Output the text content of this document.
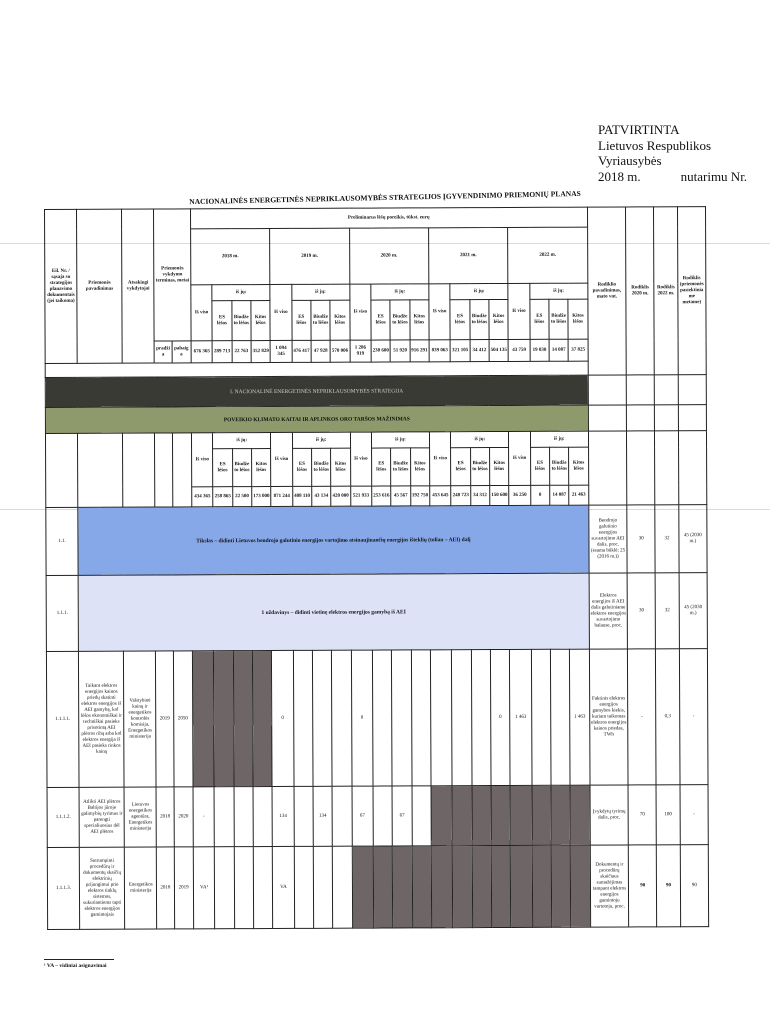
PATVIRTINTA
Lietuvos Respublikos
Vyriausybės
2018 m.	nutarimu Nr.
NACIONALINĖS ENERGETINĖS NEPRIKLAUSOMYBĖS STRATEGIJOS ĮGYVENDINIMO PRIEMONIŲ PLANAS
Eil. Nr. / sąsaja su strategijos planavimo dokumentais (jei taikoma)	Priemonės pavadinimas	Atsakingi vykdytojai	Priemonės vykdymo terminas, metai		Preliminarus lėšų poreikis, tūkst. eurų																				Rodiklio pavadinimas, mato vnt.	Rodiklis 2020 m.	Rodiklis 2022 m.	Rodiklis (priemonės pasiektiniame metame)
					2018 m.				2019 m.				2020 m.				2021 m.				2022 m.							
					Iš viso	iš jų:			Iš viso	iš jų:			Iš viso	iš jų:			Iš viso	iš jų:			Iš viso	iš jų:						
						ES lėšos	Biudžeto lėšos	Kitos lėšos		ES lėšos	Biudžeto lėšos	Kitos lėšos		ES lėšos	Biudžeto lėšos	Kitos lėšos		ES lėšos	Biudžeto lėšos	Kitos lėšos		ES lėšos	Biudžeto lėšos	Kitos lėšos				
			pradžia	pabaiga	676 365	289 713	22 763	352 829	1 094 345	476 417	47 928	570 006	1 286 919	238 600	51 920	916 291	839 063	321 105	34 412	504 135	43 759	19 030	14 087	37 825				

I. NACIONALINĖ ENERGETINĖS NEPRIKLAUSOMYBĖS STRATEGIJA																												
POVEIKIO KLIMATO KAITAI IR APLINKOS ORO TARŠOS MAŽINIMAS																												
					Iš viso	iš jų:			Iš viso	iš jų:			Iš viso	iš jų:			Iš viso	iš jų:			Iš viso	iš jų:						
						ES lėšos	Biudžeto lėšos	Kitos lėšos		ES lėšos	Biudžeto lėšos	Kitos lėšos		ES lėšos	Biudžeto lėšos	Kitos lėšos		ES lėšos	Biudžeto lėšos	Kitos lėšos		ES lėšos	Biudžeto lėšos	Kitos lėšos				
					434 365	258 865	22 500	173 000	871 244	408 110	43 134	420 000	521 933	253 616	45 567	192 750	453 645	248 723	34 312	150 600	36 250	0	14 087	21 463				
1.1.	Tikslas – didinti Lietuvos bendrojo galutinio energijos vartojimo atsinaujinančių energijos išteklių (toliau – AEI) dalį																								Bendrojo galutinio energijos suvartojimo AEI dalis, proc. (esama būklė: 25 (2016 m.))	30	32	45 (2030 m.)
1.1.1.	1 uždavinys – didinti vietinę elektros energijos gamybą iš AEI																								Elektros energijos iš AEI dalis galutiniame elektros energijos suvartojimo balanse, proc.	30	32	45 (2030 m.)
1.1.1.1.	Taikant elektros energijos kainos priedų skatinti elektros energijos iš AEI gamybą, kol lėšos ekonomiškai ir techniškai pasieks prisotintą AEI plėtros ribą arba kol elektros energija iš AEI pasieks rinkos kainą	Valstybinė kainų ir energetikos kontrolės komisija, Energetikos ministerija	2019	2050					0				0							0	1 463			1 463	Faktinis elektros energijos gamybos kiekis, kuriam taikomas elektros energijos kainos priedas, TWh	-	0,3	-
1.1.1.2.	Atlikti AEI plėtros Baltijos jūroje galimybių tyrimus ir parengti specialiuosius dėl AEI plėtros	Lietuvos energetikos agentūra, Energetikos ministerija	2018	2020	-				134		134		67		67										Įvykdytų tyrimų dalis, proc.	70	100	-
1.1.1.3.	Sutrumpinti procedūrų ir dokumentų skaičių elektrinių prijungimui prie elektros tinklų sistemos, sukuriantiems tapti elektros energijos gamintojais	Energetikos ministerija	2018	2019	VA¹				VA																Dokumentų ir procedūrų skaičiaus sumažėjimas tampant elektros energijos gamintoju vartotoju, proc.	90	90	90
¹ VA – vidiniai asignavimai
